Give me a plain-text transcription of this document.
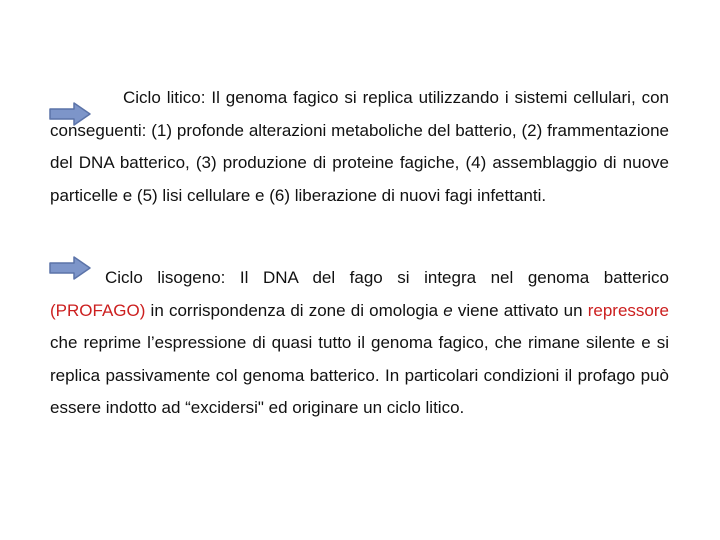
Ciclo litico: Il genoma fagico si replica utilizzando i sistemi cellulari, con conseguenti: (1) profonde alterazioni metaboliche del batterio, (2) frammentazione del DNA batterico, (3) produzione di proteine fagiche, (4) assemblaggio di nuove particelle e (5) lisi cellulare e (6) liberazione di nuovi fagi infettanti.

Ciclo lisogeno: Il DNA del fago si integra nel genoma batterico (PROFAGO) in corrispondenza di zone di omologia e viene attivato un repressore che reprime l’espressione di quasi tutto il genoma fagico, che rimane silente e si replica passivamente col genoma batterico. In particolari condizioni il profago può essere indotto ad “excidersi" ed originare un ciclo litico.
